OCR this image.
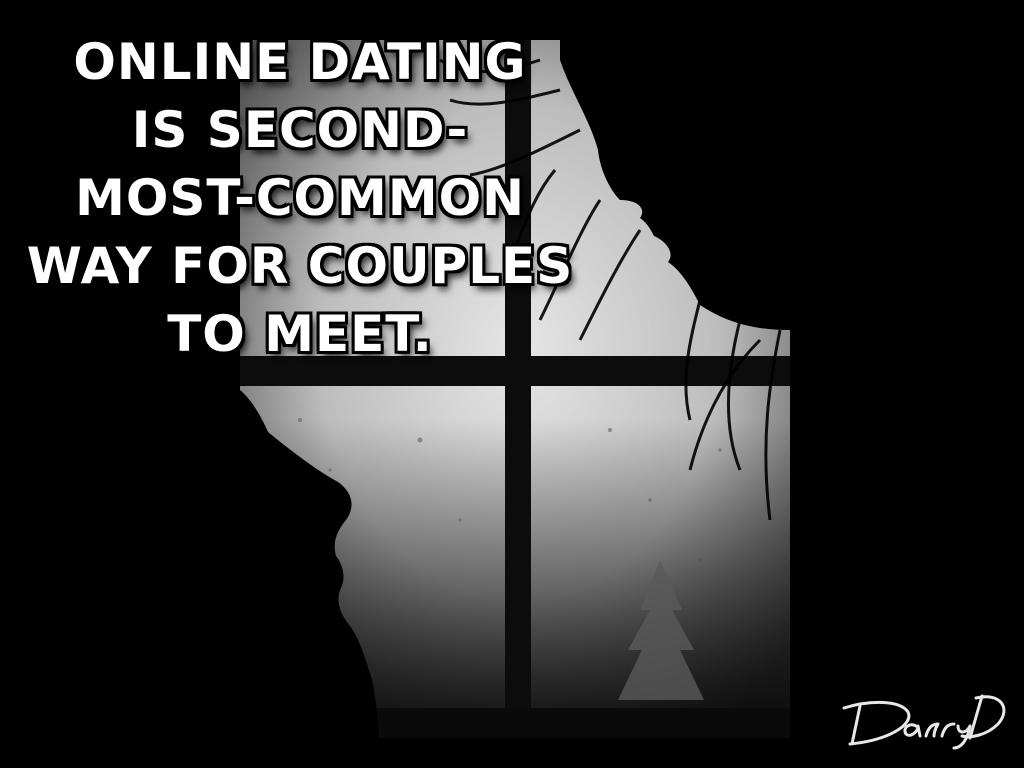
ONLINE DATING
IS SECOND-
MOST-COMMON
WAY FOR COUPLES
TO MEET.
